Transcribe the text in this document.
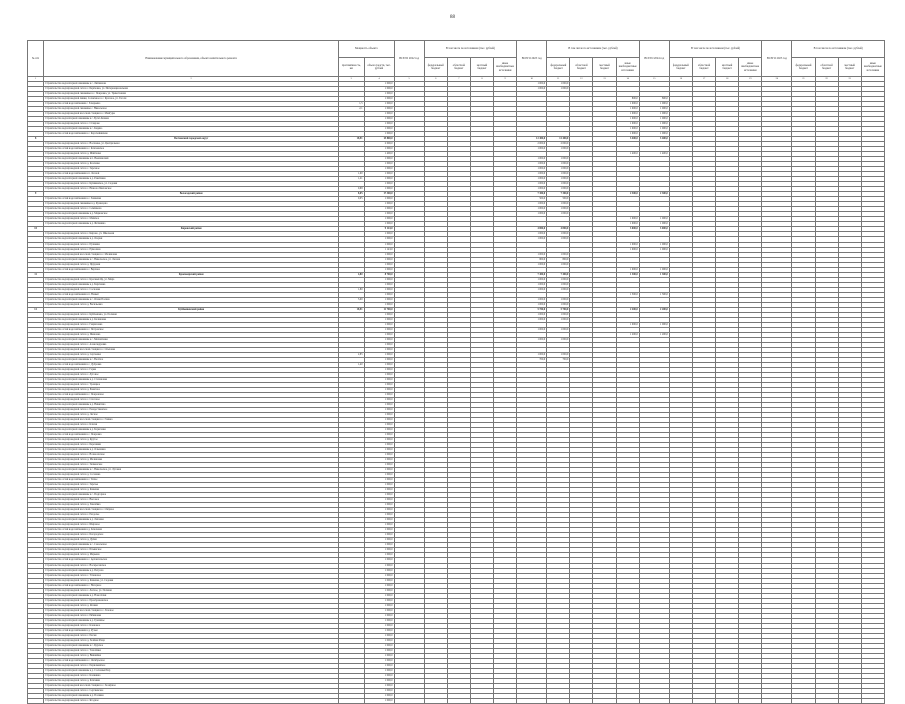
88
№ п/п	Наименование муниципального образования, объекта капитального ремонта	Мощность объекта		ВСЕГО 2022 год	В том числе по источникам (тыс. рублей)				ВСЕГО 2023 год	В том числе по источникам (тыс. рублей)				ВСЕГО 2024 год	В том числе по источникам (тыс. рублей)				ВСЕГО 2025 год	В том числе по источникам (тыс. рублей)			
		протяжённость, км	объем средств, тыс. рублей		федеральный бюджет	областной бюджет	местный бюджет	иные внебюджетные источники		федеральный бюджет	областной бюджет	местный бюджет	иные внебюджетные источники		федеральный бюджет	областной бюджет	местный бюджет	иные внебюджетные источники		федеральный бюджет	областной бюджет	местный бюджет	иные внебюджетные источники
1	2	3	4	5	6	7	8	9	10	11	12	13	14	15	16	17	18	19	20	21	22	23	
	Строительство водозаборной скважины в с. Литвиново		1 000,0						1 000,0	1 000,0													
	Строительство водопроводной сети в с. Берёзовка, ул. Интернациональная		1 000,0						1 000,0	1 000,0													
	Строительство водопроводной скважины в с. Покровка, ул. Трикотажная		1 000,0																				
	Строительство водопроводной линии, Солнечное в с. Красное, ул. Гоголя		1 000,0										800,0	800,0									
	Строительство сетей водоснабжения с. Захарьино	1,5	1 000,0										1 000,0	1 000,0									
	Строительство водопроводной скважины с. Никольское	2,1	1 000,0										1 000,0	1 000,0									
	Строительство водопроводной насосной станции в с. Майгуры		1 000,0										1 000,0	1 000,0									
	Строительство водозаборной скважины в с. Бугат-Качаки		1 000,0										1 000,0	1 000,0									
	Строительство водопроводной сети в с. Ставрово		1 000,0										1 000,0	1 000,0									
	Строительство водозаборной скважины в с. Кадино		1 000,0										1 000,0	1 000,0									
	Строительство сетей водоснабжения в с. Коробейничево		1 000,0										1 000,0	1 000,0									
8	Волчанский городской округ	18,91	15 800,0						12 400,0	12 400,0			3 400,0	3 400,0									
	Строительство водопроводной сети в с. Волчанка, ул. Центральная		2 000,0						2 000,0	2 000,0													
	Строительство сетей водоснабжения в с. Ключевское		1 000,0						1 000,0	1 000,0													
	Строительство водопроводной сети в д. Шайтанка		1 400,0										1 400,0	1 400,0									
	Строительство водозаборной скважины в п. Вьюхинский		1 000,0						1 000,0	1 000,0													
	Строительство водопроводной сети в д. Козловка		1 000,0						1 000,0	1 000,0													
	Строительство водопроводной сети в с. Заречное		1 000,0						1 000,0	1 000,0													
	Строительство сетей водоснабжения в п. Лесной	1,00	1 000,0						1 000,0	1 000,0													
	Строительство водозаборной скважины в д. Ракитянка	1,21	1 000,0						1 000,0	1 000,0													
	Строительство водопроводной сети в с. Кушвинское, ул. Садовая		1 000,0						1 000,0	1 000,0													
	Строительство водопроводной сети в с. Николо-Павловское	0,68	1 000,0						1 000,0	1 000,0													
9	Вологодский район	8,05	17 300,0						7 300,0	7 300,0			2 300,0	2 300,0									
	Строительство сетей водоснабжения в с. Знаменка	0,05	1 000,0						500,0	500,0													
	Строительство водопроводной скважины в д. Кузнецово		1 000,0						1 000,0	1 000,0													
	Строительство водопроводной сети в с. Семёнково		1 000,0						1 000,0	1 000,0													
	Строительство водозаборной скважины в д. Марковское		1 000,0						1 000,0	1 000,0													
	Строительство водопроводной сети в с. Майское		1 000,0										1 000,0	1 000,0									
	Строительство водозаборной скважины в д. Фетинино		1 000,0										1 000,0	1 000,0									
10	Кировский район		9 143,0						4 800,0	4 800,0			3 000,0	3 000,0									
	Строительство водопроводной сети в с. Кирово, ул. Школьная		1 000,0						1 000,0	1 000,0													
	Строительство водозаборной скважины в д. Озерки		1 000,0						1 000,0	1 000,0													
	Строительство водопроводной сети в с. Пушкино		1 000,0										1 000,0	1 000,0									
	Строительство водопроводной сети в с. Ермолино		1 143,0										1 000,0	1 000,0									
	Строительство водопроводной насосной станции в с. Малиновка		1 000,0						1 000,0	1 000,0													
	Строительство водозаборной скважины в с. Никольское, ул. Лесная		1 000,0						800,0	800,0													
	Строительство водопроводной сети в д. Прудовая		1 000,0						1 000,0	1 000,0													
	Строительство сетей водоснабжения в с. Верхнее		1 000,0										1 000,0	1 000,0									
11	Красноярский район	4,80	8 700,0						7 400,0	7 400,0			1 300,0	1 300,0									
	Строительство водопроводной сети в с. Красный Яр, ул. Мира		1 000,0						1 000,0	1 000,0													
	Строительство водозаборной скважины в д. Берёзовка		1 000,0						1 000,0	1 000,0													
	Строительство водопроводной сети в с. Сосновка	1,80	1 000,0						1 000,0	1 000,0													
	Строительство сетей водоснабжения в п. Новый		1 000,0										1 300,0	1 300,0									
	Строительство водозаборной скважины в с. Ясная Поляна	3,00	1 000,0						1 000,0	1 000,0													
	Строительство водопроводной сети в д. Васильевка		1 000,0						1 000,0	1 000,0													
12	Куйбышевский район	18,91	11 700,0						5 700,0	5 700,0			2 200,0	2 200,0									
	Строительство водопроводной сети в с. Куйбышево, ул. Полевая		1 000,0						1 000,0	1 000,0													
	Строительство водозаборной скважины в д. Калиновка		1 000,0						1 000,0	1 000,0													
	Строительство водопроводной сети в с. Гавриловка		1 000,0										1 000,0	1 000,0									
	Строительство сетей водоснабжения в с. Петровское		1 000,0						1 000,0	1 000,0													
	Строительство водопроводной сети в д. Ивановка		1 000,0										1 200,0	1 200,0									
	Строительство водозаборной скважины в с. Михайловка		1 000,0						1 000,0	1 000,0													
	Строительство водопроводной сети в с. Александровка		1 000,0																				
	Строительство водопроводной насосной станции в с. Ольховка		1 000,0																				
	Строительство водопроводной сети в д. Сергеевка	2,85	1 000,0						1 000,0	1 000,0													
	Строительство водозаборной скважины в с. Весёлое		1 000,0						700,0	700,0													
	Строительство сетей водоснабжения в с. Дубровка	1,40	1 000,0																				
	Строительство водопроводной сети в с. Горки		1 000,0																				
	Строительство водопроводной сети в с. Луговое		1 000,0																				
	Строительство водозаборной скважины в д. Степановка		1 000,0																				
	Строительство водопроводной сети в с. Троицкое		1 000,0																				
	Строительство водопроводной сети в д. Ракитное		1 000,0																				
	Строительство сетей водоснабжения в с. Покровское		1 000,0																				
	Строительство водопроводной сети в с. Спасское		1 000,0																				
	Строительство водозаборной скважины в д. Никитино		1 000,0																				
	Строительство водопроводной сети в с. Рождественское		1 000,0																				
	Строительство водопроводной сети в д. Лесное		1 000,0																				
	Строительство водопроводной насосной станции в с. Глинка		1 000,0																				
	Строительство водопроводной сети в с. Ключи		1 000,0																				
	Строительство водозаборной скважины в д. Борисовка		1 000,0																				
	Строительство сетей водоснабжения в с. Покровка		1 000,0																				
	Строительство водопроводной сети в д. Крутое		1 000,0																				
	Строительство водопроводной сети в с. Березняки		1 000,0																				
	Строительство водозаборной скважины в д. Ольшанка		1 000,0																				
	Строительство водопроводной сети в с. Вознесенское		1 000,0																				
	Строительство водопроводной сети в д. Малиновка		1 000,0																				
	Строительство водопроводной сети в с. Знаменское		1 000,0																				
	Строительство водозаборной скважины в с. Никольское, ул. Луговая		1 000,0																				
	Строительство водопроводной сети в д. Сосновка		1 000,0																				
	Строительство сетей водоснабжения в с. Тихое		1 000,0																				
	Строительство водопроводной сети в с. Заречье		1 000,0																				
	Строительство водопроводной сети в д. Каменка		1 000,0																				
	Строительство водозаборной скважины в с. Подгорное		1 000,0																				
	Строительство водопроводной сети в с. Высокое		1 000,0																				
	Строительство водопроводной сети в д. Хмелёвка		1 000,0																				
	Строительство водопроводной насосной станции в с. Озёрное		1 000,0																				
	Строительство водопроводной сети в с. Раздолье		1 000,0																				
	Строительство водозаборной скважины в д. Липовка		1 000,0																				
	Строительство водопроводной сети в с. Широкое		1 000,0																				
	Строительство сетей водоснабжения в д. Ключевая		1 000,0																				
	Строительство водопроводной сети в с. Богородское		1 000,0																				
	Строительство водопроводной сети в д. Дубки		1 000,0																				
	Строительство водозаборной скважины в с. Сокольское		1 000,0																				
	Строительство водопроводной сети в с. Ильинское		1 000,0																				
	Строительство водопроводной сети в д. Марьино		1 000,0																				
	Строительство сетей водоснабжения в с. Архангельское		1 000,0																				
	Строительство водопроводной сети в с. Воскресенское		1 000,0																				
	Строительство водозаборной скважины в д. Петрово		1 000,0																				
	Строительство водопроводной сети в с. Успенское		1 000,0																				
	Строительство водопроводной сети в д. Каменка, ул. Садовая		1 000,0																				
	Строительство сетей водоснабжения в с. Нагорное		1 000,0																				
	Строительство водопроводной сети в с. Лесное, ул. Полевая		1 000,0																				
	Строительство водозаборной скважины в д. Новосёлки		1 000,0																				
	Строительство водопроводной сети в с. Преображенское		1 000,0																				
	Строительство водопроводной сети в д. Ясенки		1 000,0																				
	Строительство водопроводной насосной станции в с. Лозовое		1 000,0																				
	Строительство водопроводной сети в с. Рябиновка		1 000,0																				
	Строительство водозаборной скважины в д. Гремячье		1 000,0																				
	Строительство водопроводной сети в с. Кленовое		1 000,0																				
	Строительство сетей водоснабжения в д. Ручьи		1 000,0																				
	Строительство водопроводной сети в с. Пески		1 000,0																				
	Строительство водопроводной сети в д. Зелёная Роща		1 000,0																				
	Строительство водозаборной скважины в с. Курское		1 000,0																				
	Строительство водопроводной сети в с. Тополёвка		1 000,0																				
	Строительство водопроводной сети в д. Вишнёвка		1 000,0																				
	Строительство сетей водоснабжения в с. Октябрьское		1 000,0																				
	Строительство водопроводной сети в с. Первомайское		1 000,0																				
	Строительство водозаборной скважины в д. Сосновый Бор		1 000,0																				
	Строительство водопроводной сети в с. Калинино		1 000,0																				
	Строительство водопроводной сети в д. Ключики		1 000,0																				
	Строительство водопроводной насосной станции в с. Заозёрное		1 000,0																				
	Строительство водопроводной сети в с. Сергиевское		1 000,0																				
	Строительство водозаборной скважины в д. Полянка		1 000,0																				
	Строительство водопроводной сети в с. Ягодное		1 000,0																				
